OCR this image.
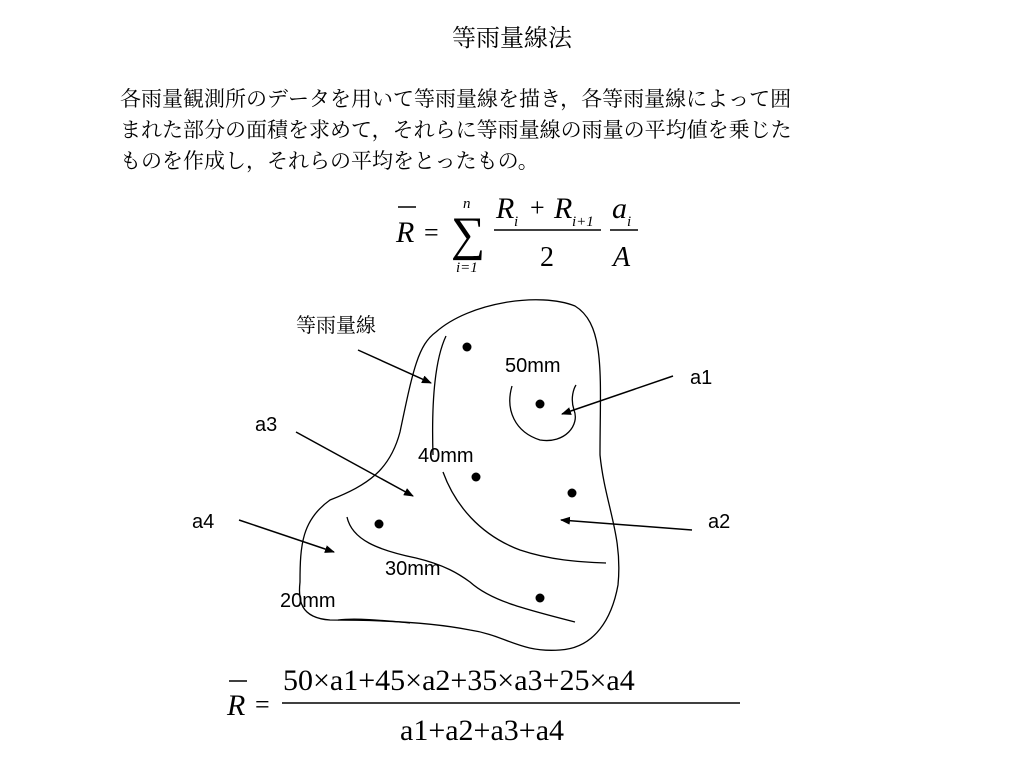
等雨量線法

各雨量観測所のデータを用いて等雨量線を描き，各等雨量線によって囲

まれた部分の面積を求めて，それらに等雨量線の雨量の平均値を乗じた

ものを作成し，それらの平均をとったもの。

R = ∑
n
i=1
R i + R i+1
2
a i
A
等雨量線
50mm
40mm
30mm
20mm
a1
a2
a3
a4
R =
50×a1+45×a2+35×a3+25×a4
a1+a2+a3+a4
